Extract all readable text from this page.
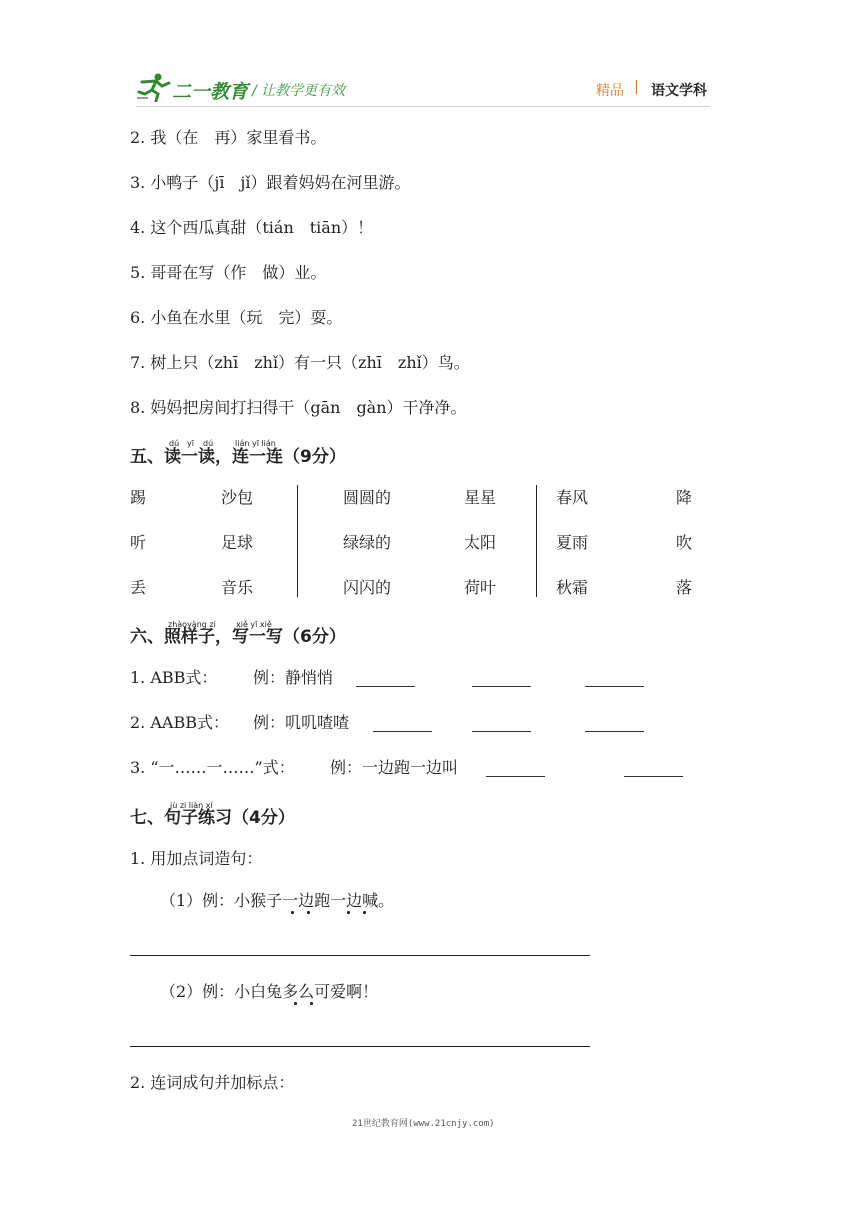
二一教育 / 让教学更有效	精品 | 语文学科
2. 我（在　再）家里看书。
3. 小鸭子（jī　jǐ）跟着妈妈在河里游。
4. 这个西瓜真甜（tián　tiān）！
5. 哥哥在写（作　做）业。
6. 小鱼在水里（玩　完）耍。
7. 树上只（zhī　zhǐ）有一只（zhī　zhǐ）鸟。
8. 妈妈把房间打扫得干（gān　gàn）干净净。
dú yī dú	lián yī lián
五、读一读，连一连（9分）
踢	沙包	圆圆的	星星	春风	降
听	足球	绿绿的	太阳	夏雨	吹
丢	音乐	闪闪的	荷叶	秋霜	落
zhàoyàng zi	xiě yī xiě
六、照样子，写一写（6分）
1. ABB式： 例：静悄悄
2. AABB式： 例：叽叽喳喳
3. “一……一……”式： 例：一边跑一边叫
jù zi liàn xí
七、句子练习（4分）
1. 用加点词造句：
（1）例：小猴子一边跑一边喊。
（2）例：小白兔多么可爱啊！
2. 连词成句并加标点：
21世纪教育网(www.21cnjy.com)
